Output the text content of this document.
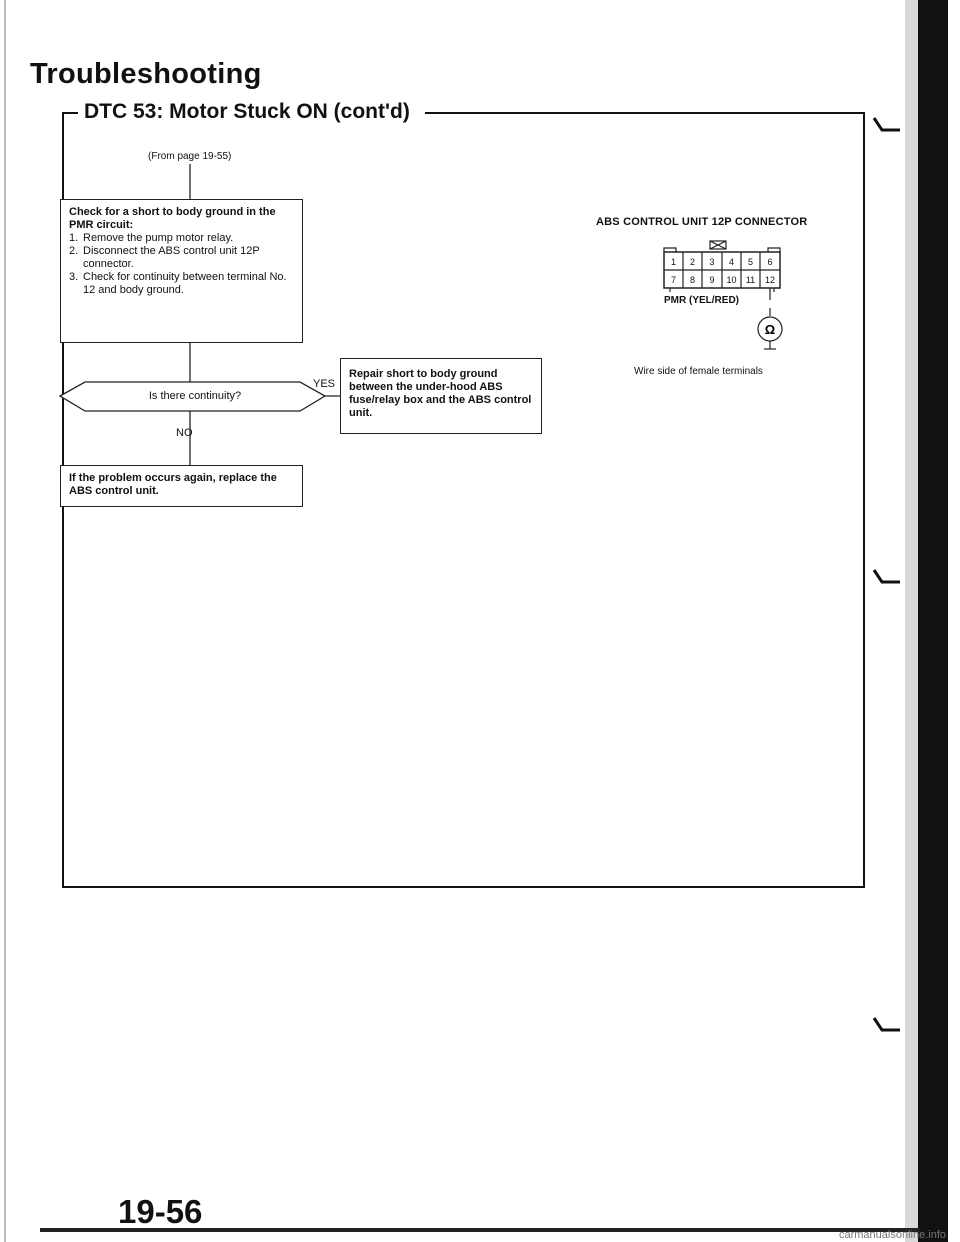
Troubleshooting
DTC 53: Motor Stuck ON (cont'd)
(From page 19-55)
Check for a short to body ground in the PMR circuit:
1. Remove the pump motor relay.
2. Disconnect the ABS control unit 12P connector.
3. Check for continuity between terminal No. 12 and body ground.
Is there continuity?
YES
NO
Repair short to body ground between the under-hood ABS fuse/relay box and the ABS control unit.
If the problem occurs again, replace the ABS control unit.
ABS CONTROL UNIT 12P CONNECTOR
1 2 3 4 5 6
7 8 9 10 11 12
Ω
PMR (YEL/RED)
Wire side of female terminals
19-56
carmanualsonline.info
